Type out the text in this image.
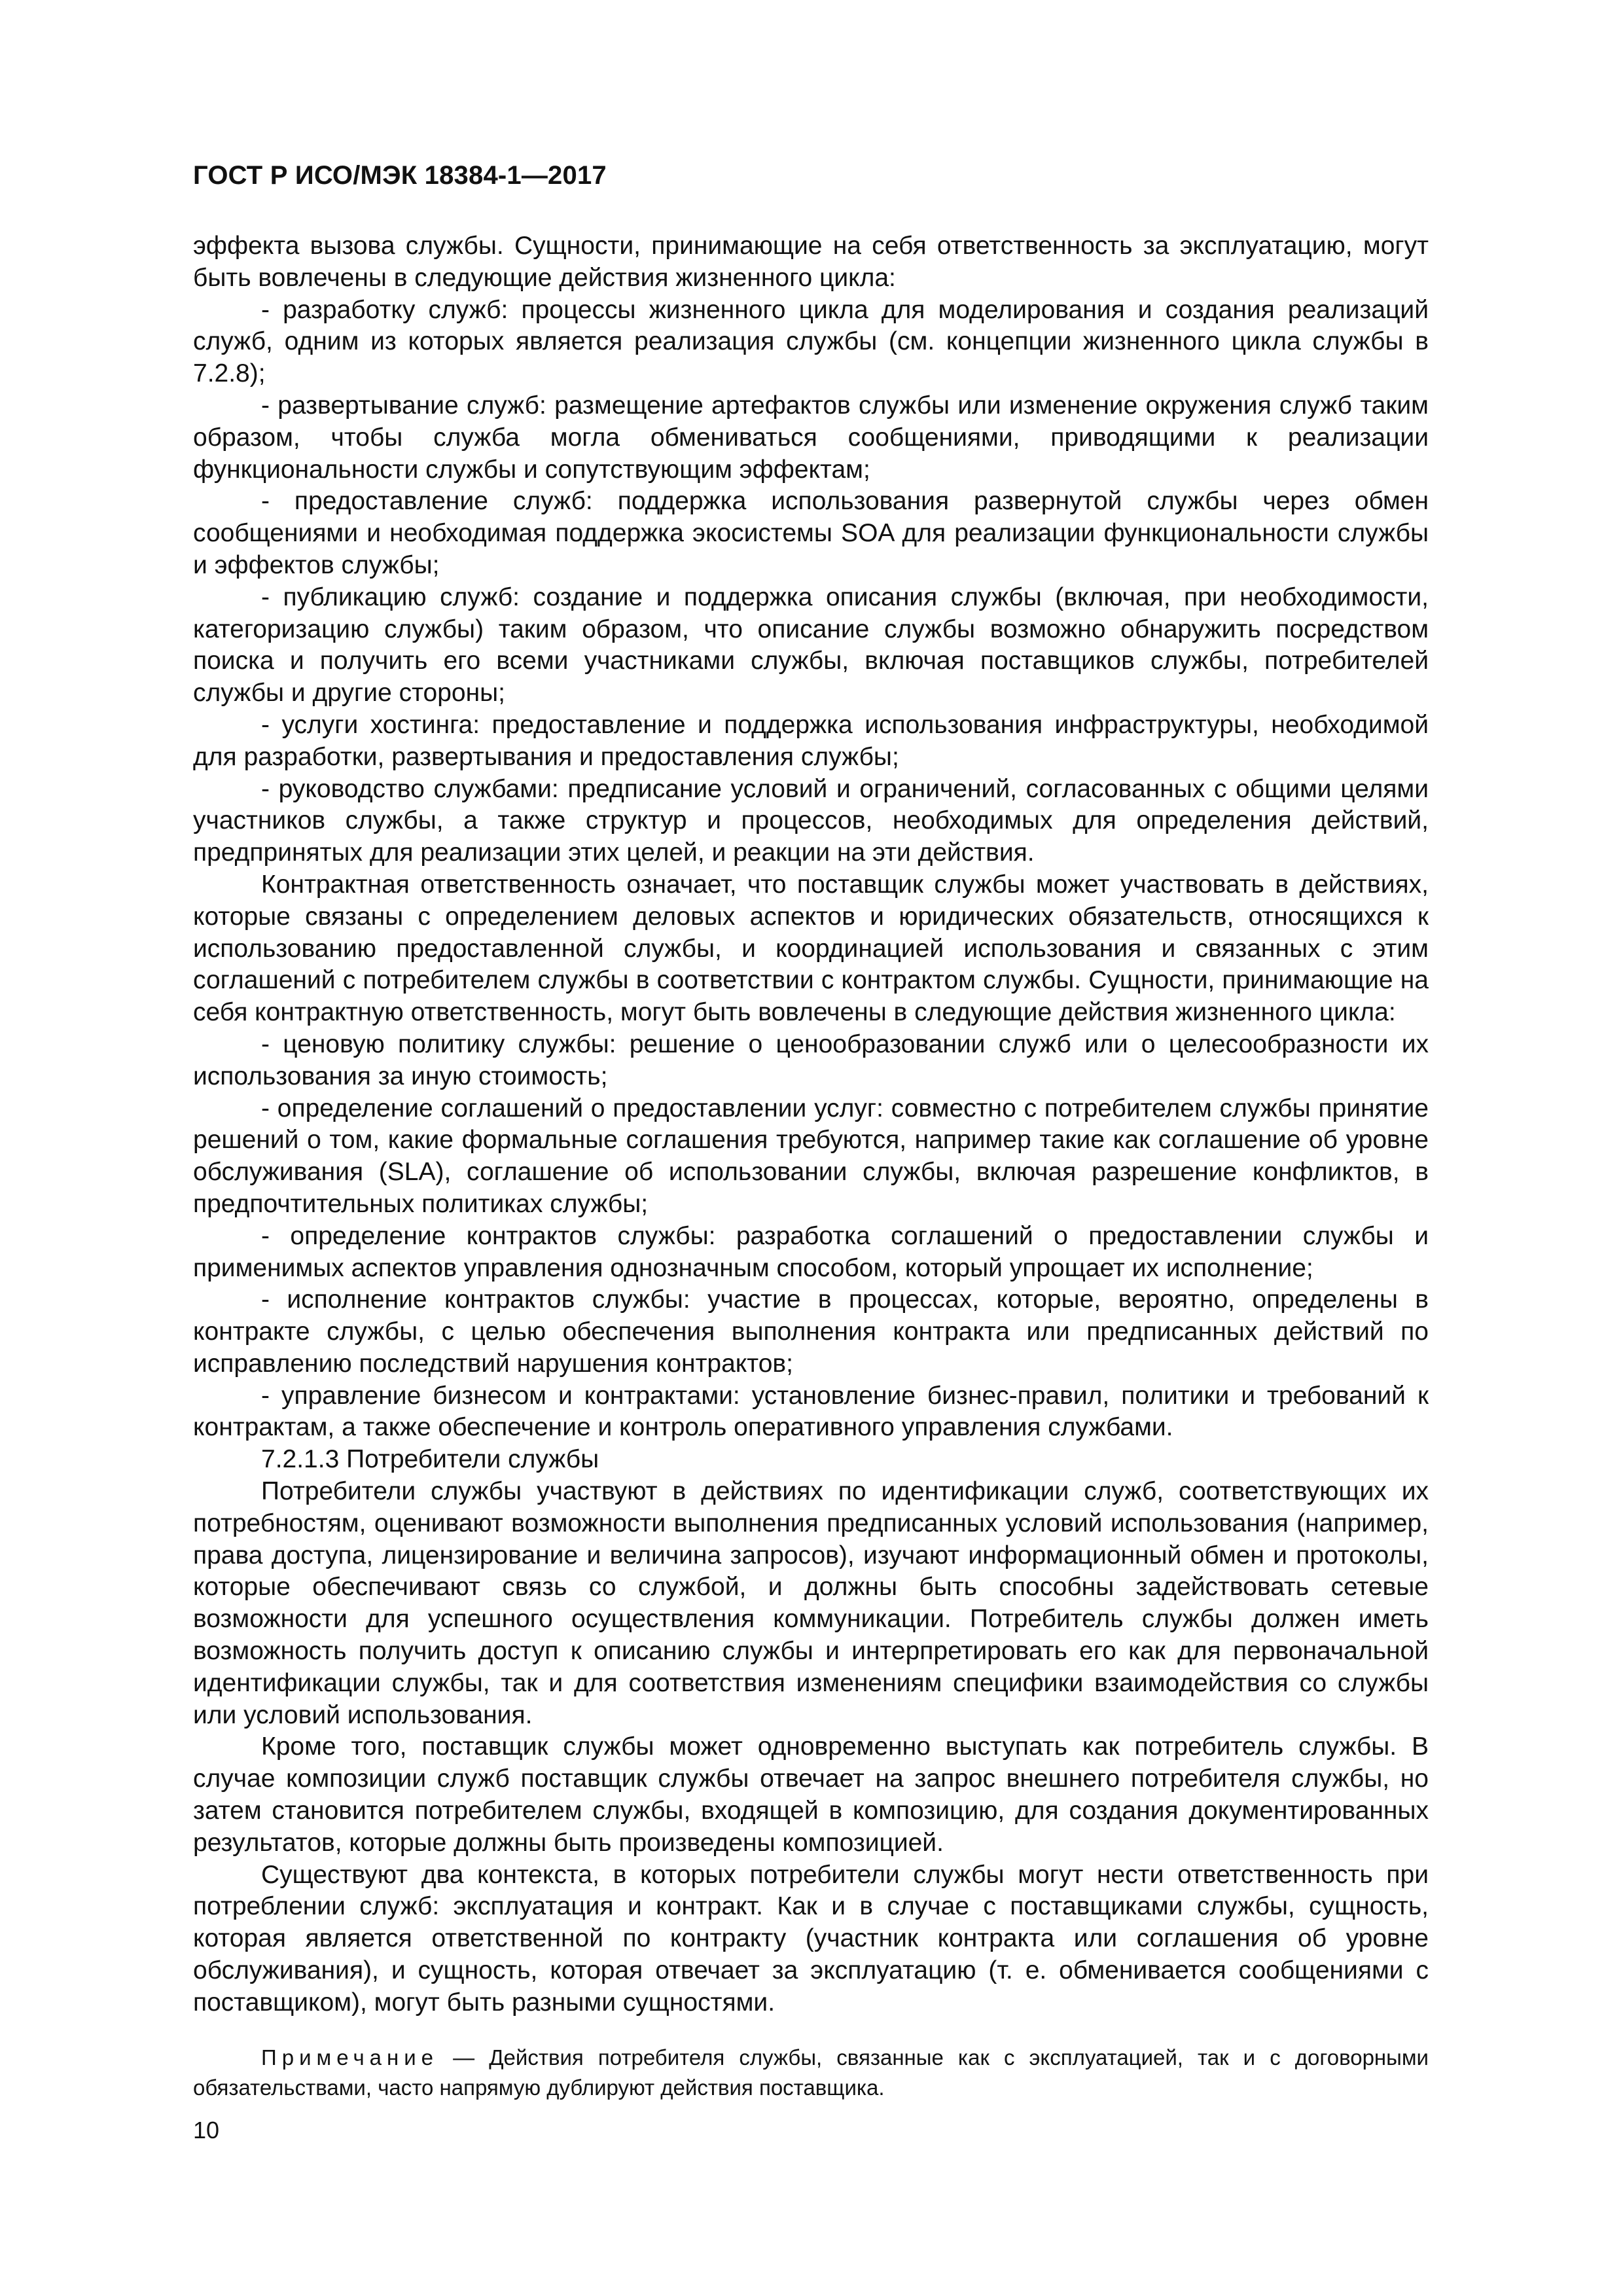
ГОСТ Р ИСО/МЭК 18384-1—2017

эффекта вызова службы. Сущности, принимающие на себя ответственность за эксплуатацию, могут быть вовлечены в следующие действия жизненного цикла:

- разработку служб: процессы жизненного цикла для моделирования и создания реализаций служб, одним из которых является реализация службы (см. концепции жизненного цикла службы в 7.2.8);

- развертывание служб: размещение артефактов службы или изменение окружения служб таким образом, чтобы служба могла обмениваться сообщениями, приводящими к реализации функциональности службы и сопутствующим эффектам;

- предоставление служб: поддержка использования развернутой службы через обмен сообщениями и необходимая поддержка экосистемы SOA для реализации функциональности службы и эффектов службы;

- публикацию служб: создание и поддержка описания службы (включая, при необходимости, категоризацию службы) таким образом, что описание службы возможно обнаружить посредством поиска и получить его всеми участниками службы, включая поставщиков службы, потребителей службы и другие стороны;

- услуги хостинга: предоставление и поддержка использования инфраструктуры, необходимой для разработки, развертывания и предоставления службы;

- руководство службами: предписание условий и ограничений, согласованных с общими целями участников службы, а также структур и процессов, необходимых для определения действий, предпринятых для реализации этих целей, и реакции на эти действия.

Контрактная ответственность означает, что поставщик службы может участвовать в действиях, которые связаны с определением деловых аспектов и юридических обязательств, относящихся к использованию предоставленной службы, и координацией использования и связанных с этим соглашений с потребителем службы в соответствии с контрактом службы. Сущности, принимающие на себя контрактную ответственность, могут быть вовлечены в следующие действия жизненного цикла:

- ценовую политику службы: решение о ценообразовании служб или о целесообразности их использования за иную стоимость;

- определение соглашений о предоставлении услуг: совместно с потребителем службы принятие решений о том, какие формальные соглашения требуются, например такие как соглашение об уровне обслуживания (SLA), соглашение об использовании службы, включая разрешение конфликтов, в предпочтительных политиках службы;

- определение контрактов службы: разработка соглашений о предоставлении службы и применимых аспектов управления однозначным способом, который упрощает их исполнение;

- исполнение контрактов службы: участие в процессах, которые, вероятно, определены в контракте службы, с целью обеспечения выполнения контракта или предписанных действий по исправлению последствий нарушения контрактов;

- управление бизнесом и контрактами: установление бизнес-правил, политики и требований к контрактам, а также обеспечение и контроль оперативного управления службами.

7.2.1.3 Потребители службы

Потребители службы участвуют в действиях по идентификации служб, соответствующих их потребностям, оценивают возможности выполнения предписанных условий использования (например, права доступа, лицензирование и величина запросов), изучают информационный обмен и протоколы, которые обеспечивают связь со службой, и должны быть способны задействовать сетевые возможности для успешного осуществления коммуникации. Потребитель службы должен иметь возможность получить доступ к описанию службы и интерпретировать его как для первоначальной идентификации службы, так и для соответствия изменениям специфики взаимодействия со службы или условий использования.

Кроме того, поставщик службы может одновременно выступать как потребитель службы. В случае композиции служб поставщик службы отвечает на запрос внешнего потребителя службы, но затем становится потребителем службы, входящей в композицию, для создания документированных результатов, которые должны быть произведены композицией.

Существуют два контекста, в которых потребители службы могут нести ответственность при потреблении служб: эксплуатация и контракт. Как и в случае с поставщиками службы, сущность, которая является ответственной по контракту (участник контракта или соглашения об уровне обслуживания), и сущность, которая отвечает за эксплуатацию (т. е. обменивается сообщениями с поставщиком), могут быть разными сущностями.

Примечание — Действия потребителя службы, связанные как с эксплуатацией, так и с договорными обязательствами, часто напрямую дублируют действия поставщика.
10
